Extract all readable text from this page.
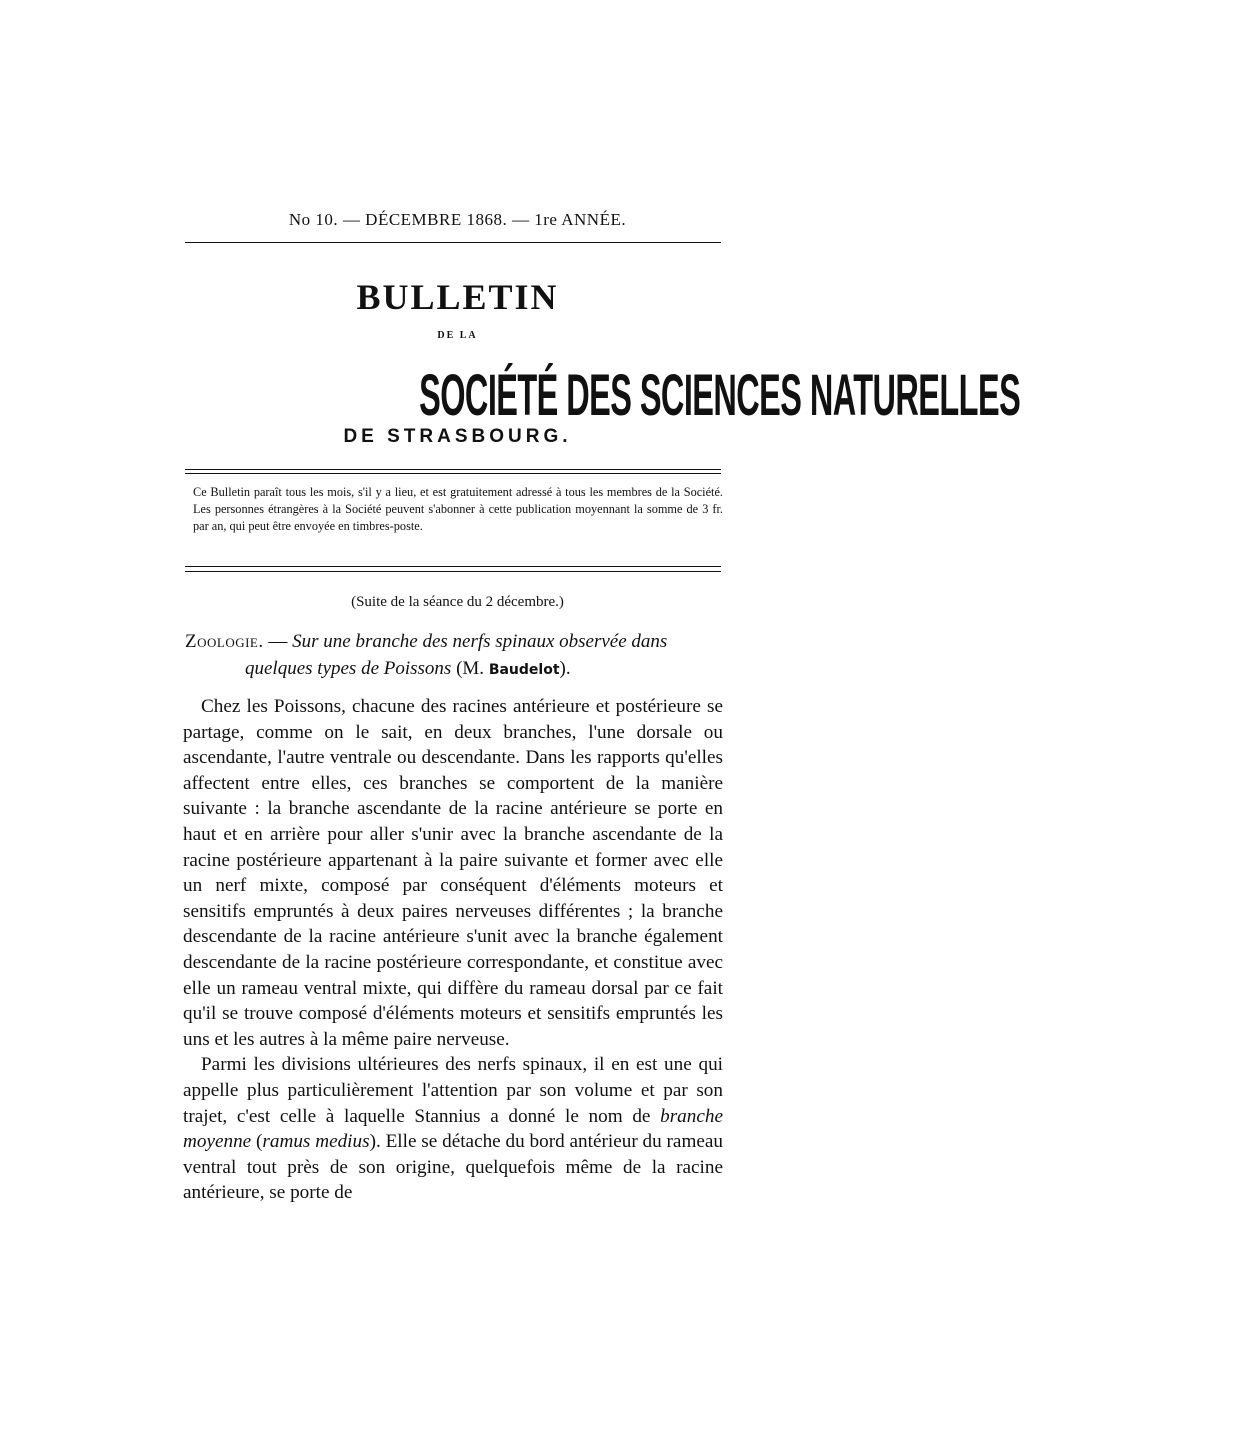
No 10. — DÉCEMBRE 1868. — 1re ANNÉE.
BULLETIN
DE LA
SOCIÉTÉ DES SCIENCES NATURELLES
DE STRASBOURG.
Ce Bulletin paraît tous les mois, s'il y a lieu, et est gratuitement adressé à tous les membres de la Société. Les personnes étrangères à la Société peuvent s'abonner à cette publication moyennant la somme de 3 fr. par an, qui peut être envoyée en timbres-poste.
(Suite de la séance du 2 décembre.)
Zoologie. — Sur une branche des nerfs spinaux observée dans
quelques types de Poissons (M. Baudelot).

Chez les Poissons, chacune des racines antérieure et postérieure se partage, comme on le sait, en deux branches, l'une dorsale ou ascendante, l'autre ventrale ou descendante. Dans les rapports qu'elles affectent entre elles, ces branches se comportent de la manière suivante : la branche ascendante de la racine antérieure se porte en haut et en arrière pour aller s'unir avec la branche ascendante de la racine postérieure appartenant à la paire suivante et former avec elle un nerf mixte, composé par conséquent d'éléments moteurs et sensitifs empruntés à deux paires nerveuses différentes ; la branche descendante de la racine antérieure s'unit avec la branche également descendante de la racine postérieure correspondante, et constitue avec elle un rameau ventral mixte, qui diffère du rameau dorsal par ce fait qu'il se trouve composé d'éléments moteurs et sensitifs empruntés les uns et les autres à la même paire nerveuse.

Parmi les divisions ultérieures des nerfs spinaux, il en est une qui appelle plus particulièrement l'attention par son volume et par son trajet, c'est celle à laquelle Stannius a donné le nom de branche moyenne (ramus medius). Elle se détache du bord antérieur du rameau ventral tout près de son origine, quelquefois même de la racine antérieure, se porte de
